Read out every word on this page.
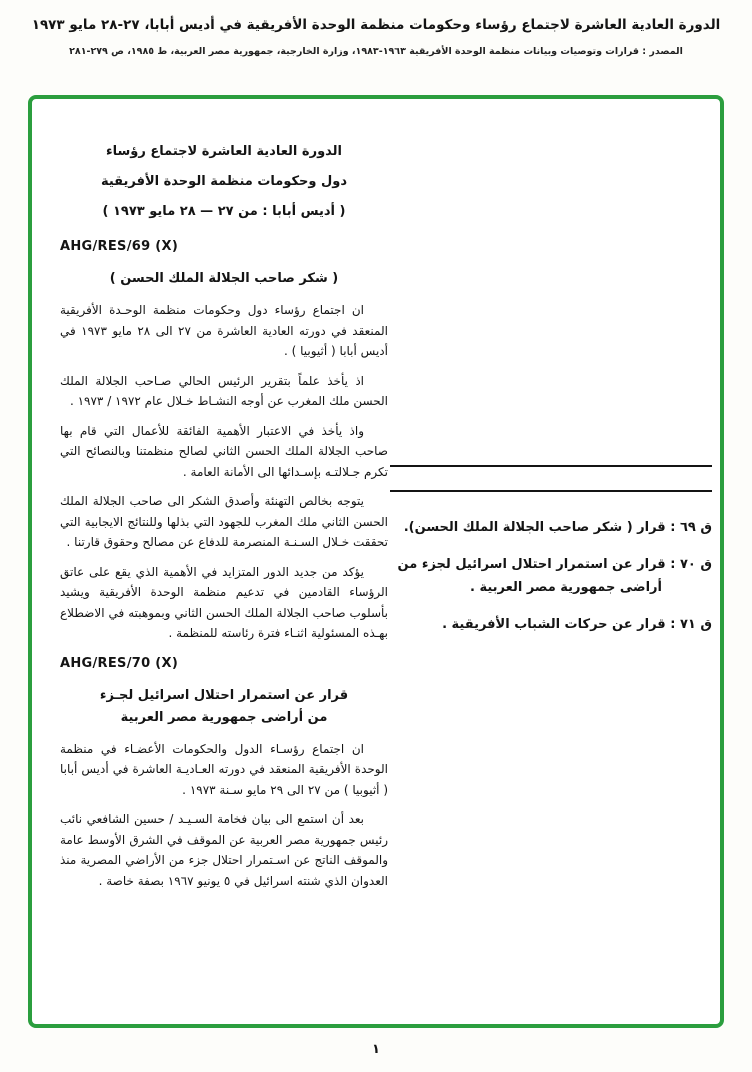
الدورة العادية العاشرة لاجتماع رؤساء وحكومات منظمة الوحدة الأفريقية في أديس أبابا، ٢٧-٢٨ مايو ١٩٧٣
المصدر : قرارات وتوصيات وبيانات منظمة الوحدة الأفريقية ١٩٦٣-١٩٨٣، وزارة الخارجية، جمهورية مصر العربية، ط ١٩٨٥، ص ٢٧٩-٢٨١
الدورة العادية العاشرة لاجتماع رؤساء
دول وحكومات منظمة الوحدة الأفريقية
( أديس أبابا : من ٢٧ — ٢٨ مايو ١٩٧٣ )
AHG/RES/69 (X)
( شكر صاحب الجلالة الملك الحسن )

ان اجتماع رؤساء دول وحكومات منظمة الوحـدة الأفريقية المنعقد في دورته العادية العاشرة من ٢٧ الى ٢٨ مايو ١٩٧٣ في أديس أبابا ( أثيوبيا ) .

اذ يأخذ علماً بتقرير الرئيس الحالي صـاحب الجلالة الملك الحسن ملك المغرب عن أوجه النشـاط خـلال عام ١٩٧٢ / ١٩٧٣ .

واذ يأخذ في الاعتبار الأهمية الفائقة للأعمال التي قام بها صاحب الجلالة الملك الحسن الثاني لصالح منظمتنا وبالنصائح التي تكرم جـلالتـه بإسـدائها الى الأمانة العامة .

يتوجه بخالص التهنئة وأصدق الشكر الى صاحب الجلالة الملك الحسن الثاني ملك المغرب للجهود التي بذلها وللنتائج الايجابية التي تحققت خـلال السـنـة المنصرمة للدفاع عن مصالح وحقوق قارتنا .

يؤكد من جديد الدور المتزايد في الأهمية الذي يقع على عاتق الرؤساء القادمين في تدعيم منظمة الوحدة الأفريقية ويشيد بأسلوب صاحب الجلالة الملك الحسن الثاني وبموهبته في الاضطلاع بهـذه المسئولية اثنـاء فترة رئاسته للمنظمة .

AHG/RES/70 (X)
قرار عن استمرار احتلال اسرائيل لجـزء
من أراضى جمهورية مصر العربية

ان اجتماع رؤسـاء الدول والحكومات الأعضـاء في منظمة الوحدة الأفريقية المنعقد في دورته العـاديـة العاشرة في أديس أبابا ( أثيوبيا ) من ٢٧ الى ٢٩ مايو سـنة ١٩٧٣ .

بعد أن استمع الى بيان فخامة السـيـد / حسين الشافعي نائب رئيس جمهورية مصر العربية عن الموقف في الشرق الأوسط عامة والموقف الناتج عن اسـتمرار احتلال جزء من الأراضي المصرية منذ العدوان الذي شنته اسرائيل في ٥ يونيو ١٩٦٧ بصفة خاصة .

ق ٦٩ : قرار ( شكر صاحب الجلالة الملك الحسن).
ق ٧٠ : قرار عن استمرار احتلال اسرائيل لجزء من أراضى جمهورية مصر العربية .
ق ٧١ : قرار عن حركات الشباب الأفريقية .
١
